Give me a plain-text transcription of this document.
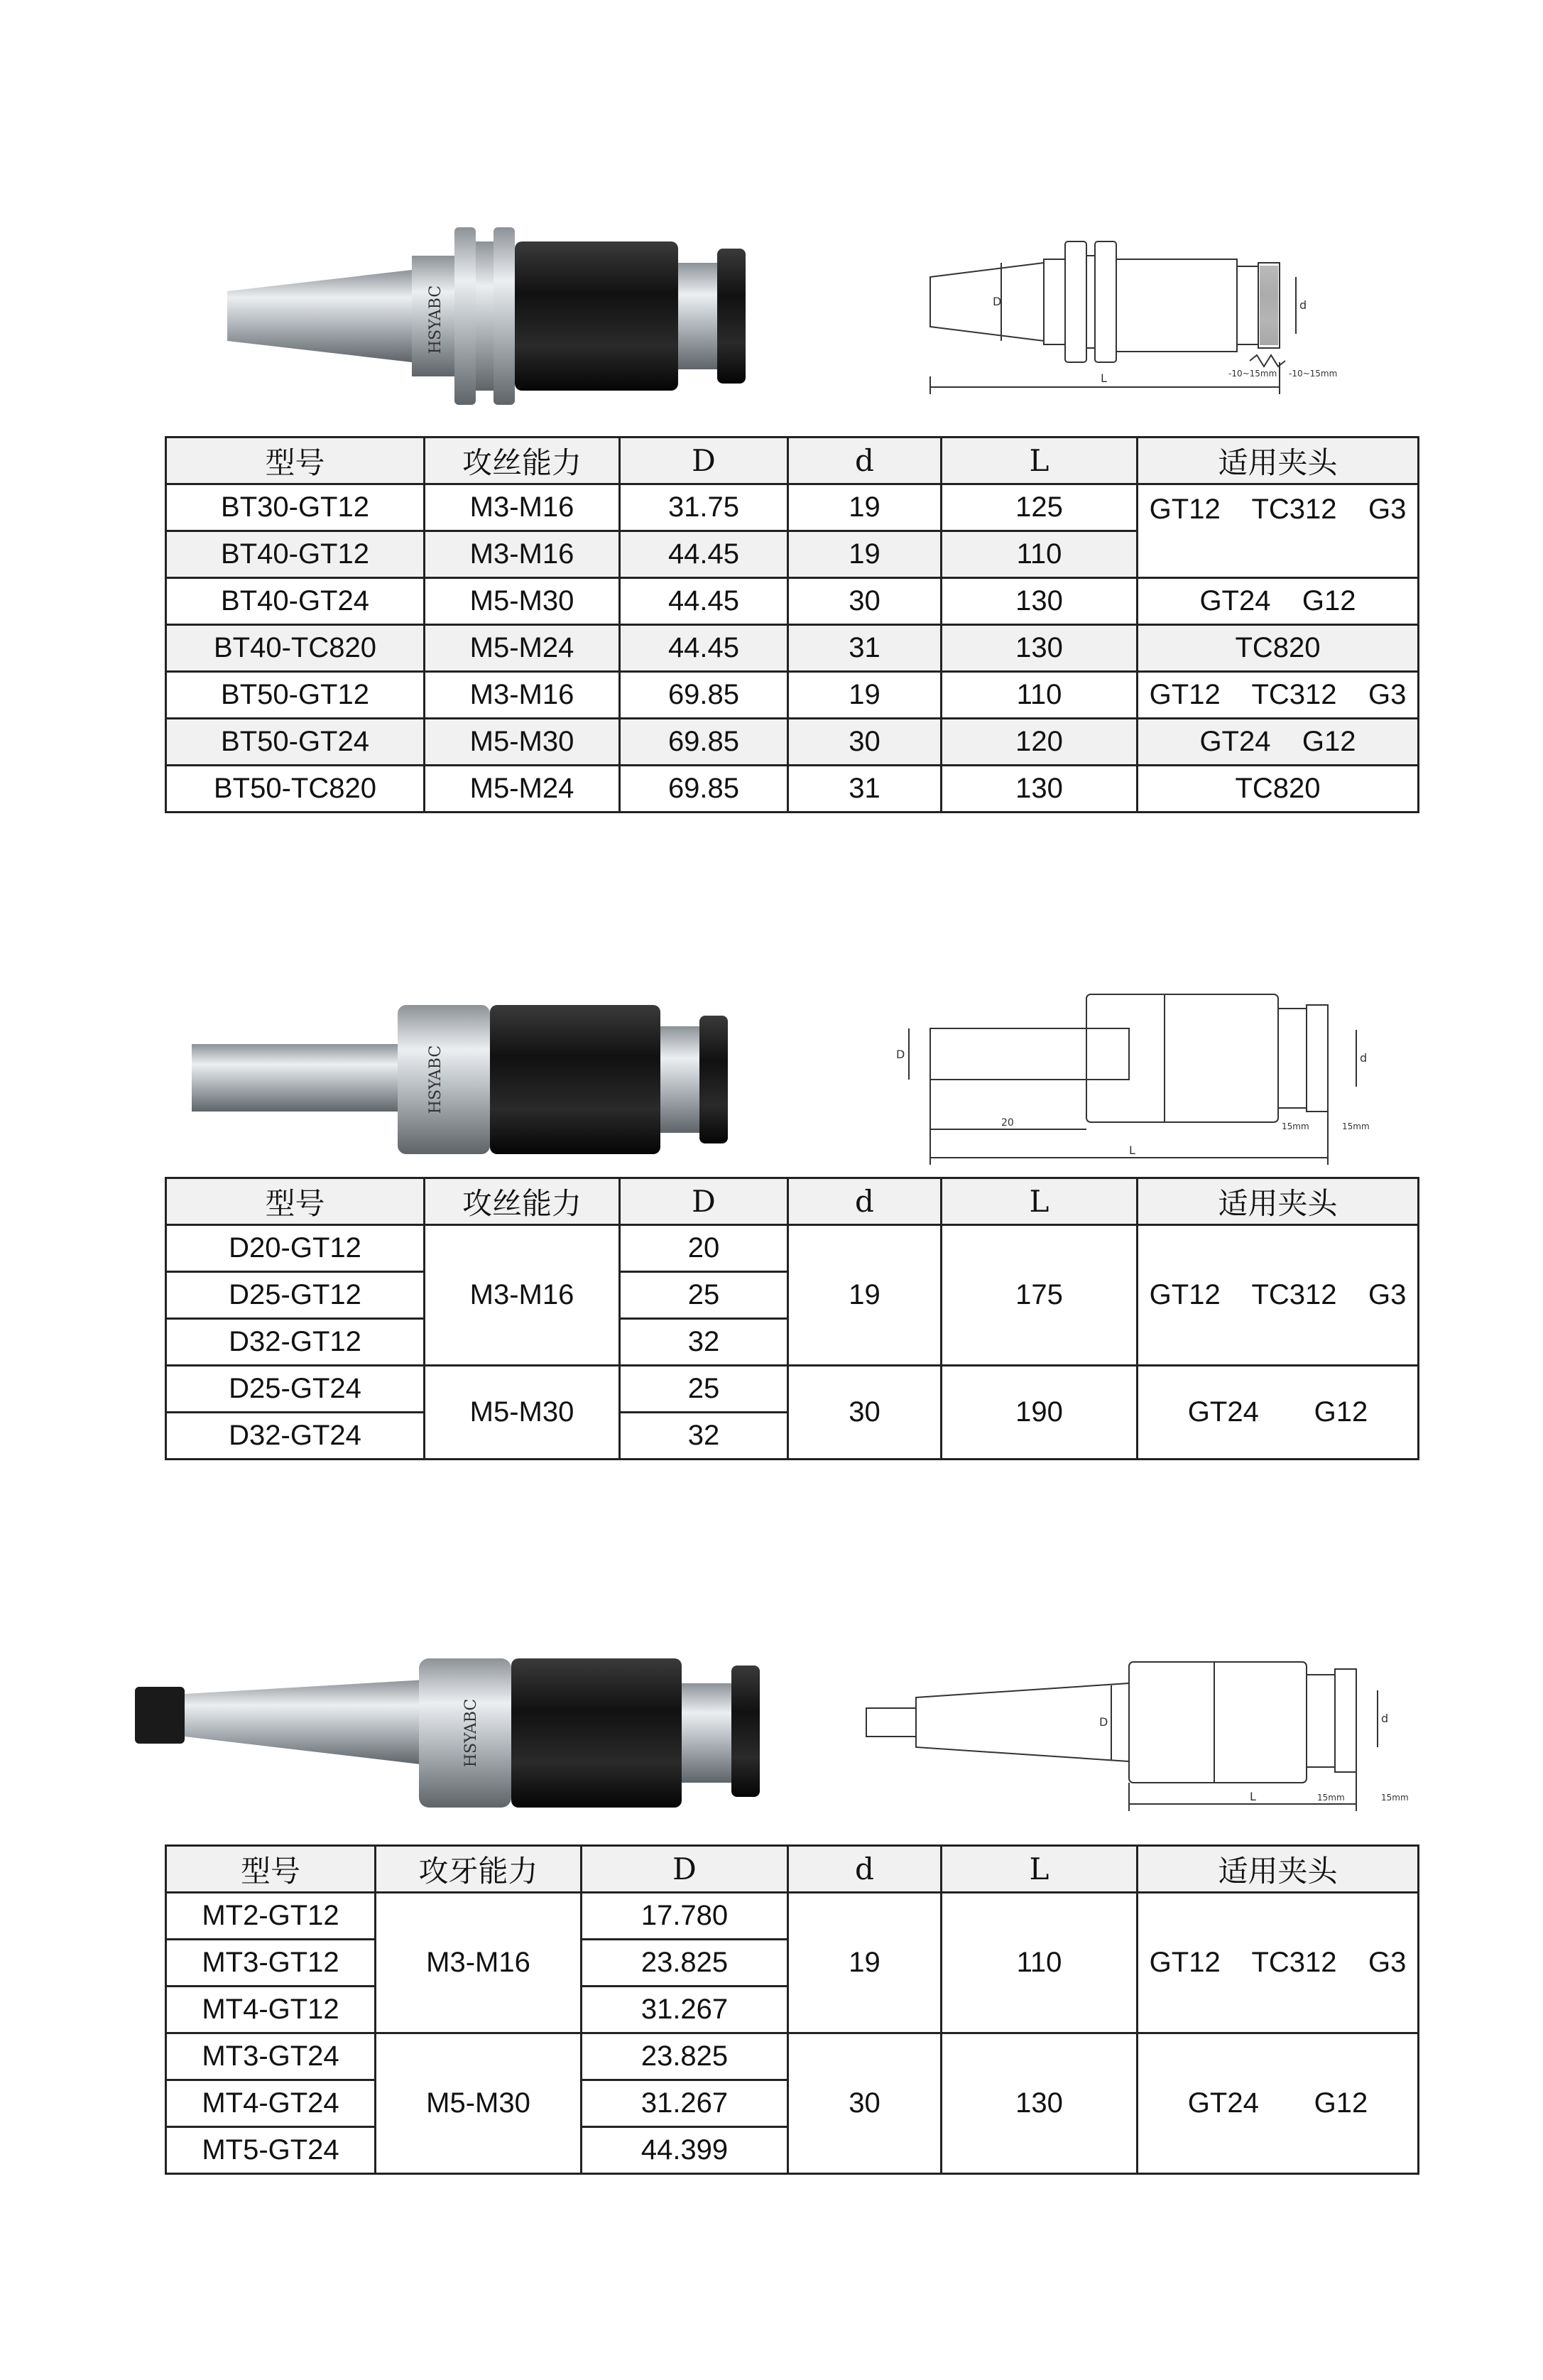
HSYABC	D
L
d
-10~15mm -10~15mm
型号	攻丝能力	D	d	L	适用夹头
BT30-GT12	M3-M16	31.75	19	125	GT12    TC312    G3
BT40-GT12	M3-M16	44.45	19	110	
BT40-GT24	M5-M30	44.45	30	130	GT24    G12
BT40-TC820	M5-M24	44.45	31	130	TC820
BT50-GT12	M3-M16	69.85	19	110	GT12    TC312    G3
BT50-GT24	M5-M30	69.85	30	120	GT24    G12
BT50-TC820	M5-M24	69.85	31	130	TC820
HSYABC	D
20
L
d
15mm	15mm
型号	攻丝能力	D	d	L	适用夹头
D20-GT12	M3-M16	20	19	175	GT12    TC312    G3
D25-GT12		25			
D32-GT12		32			
D25-GT24	M5-M30	25	30	190	GT24       G12
D32-GT24		32			
HSYABC	D
L
d
15mm	15mm
型号	攻牙能力	D	d	L	适用夹头
MT2-GT12	M3-M16	17.780	19	110	GT12    TC312    G3
MT3-GT12		23.825			
MT4-GT12		31.267			
MT3-GT24	M5-M30	23.825	30	130	GT24       G12
MT4-GT24		31.267			
MT5-GT24		44.399			
